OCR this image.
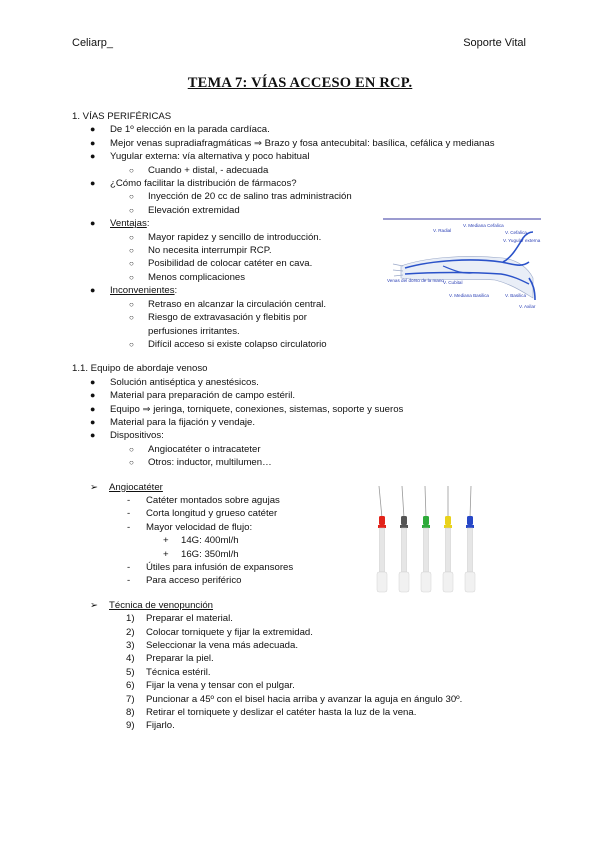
Celiarp_	Soporte Vital
TEMA 7: VÍAS ACCESO EN RCP.
1. VÍAS PERIFÉRICAS
● De 1º elección en la parada cardíaca.
● Mejor venas supradiafragmáticas ⇒ Brazo y fosa antecubital: basílica, cefálica y medianas
● Yugular externa: vía alternativa y poco habitual
○ Cuando + distal, - adecuada
● ¿Cómo facilitar la distribución de fármacos?
○ Inyección de 20 cc de salino tras administración
○ Elevación extremidad
● Ventajas:
○ Mayor rapidez y sencillo de introducción.
○ No necesita interrumpir RCP.
○ Posibilidad de colocar catéter en cava.
○ Menos complicaciones
● Inconvenientes:
○ Retraso en alcanzar la circulación central.
○ Riesgo de extravasación y flebitis por perfusiones irritantes.
○ Difícil acceso si existe colapso circulatorio
1.1. Equipo de abordaje venoso
● Solución antiséptica y anestésicos.
● Material para preparación de campo estéril.
● Equipo ⇒ jeringa, torniquete, conexiones, sistemas, soporte y sueros
● Material para la fijación y vendaje.
● Dispositivos:
○ Angiocatéter o intracateter
○ Otros: inductor, multilumen…
➢ Angiocatéter
- Catéter montados sobre agujas
- Corta longitud y grueso catéter
- Mayor velocidad de flujo:
+ 14G: 400ml/h
+ 16G: 350ml/h
- Útiles para infusión de expansores
- Para acceso periférico
➢ Técnica de venopunción
1) Preparar el material.
2) Colocar torniquete y fijar la extremidad.
3) Seleccionar la vena más adecuada.
4) Preparar la piel.
5) Técnica estéril.
6) Fijar la vena y tensar con el pulgar.
7) Puncionar a 45º con el bisel hacia arriba y avanzar la aguja en ángulo 30º.
8) Retirar el torniquete y deslizar el catéter hasta la luz de la vena.
9) Fijarlo.
V. Radial
V. Mediana Cefalica
V. Cefalica
V. Yugular externa
Venas del dorso de la mano V. Cubital
V. Mediana Basilica	V. Basilica
V. Axilar
